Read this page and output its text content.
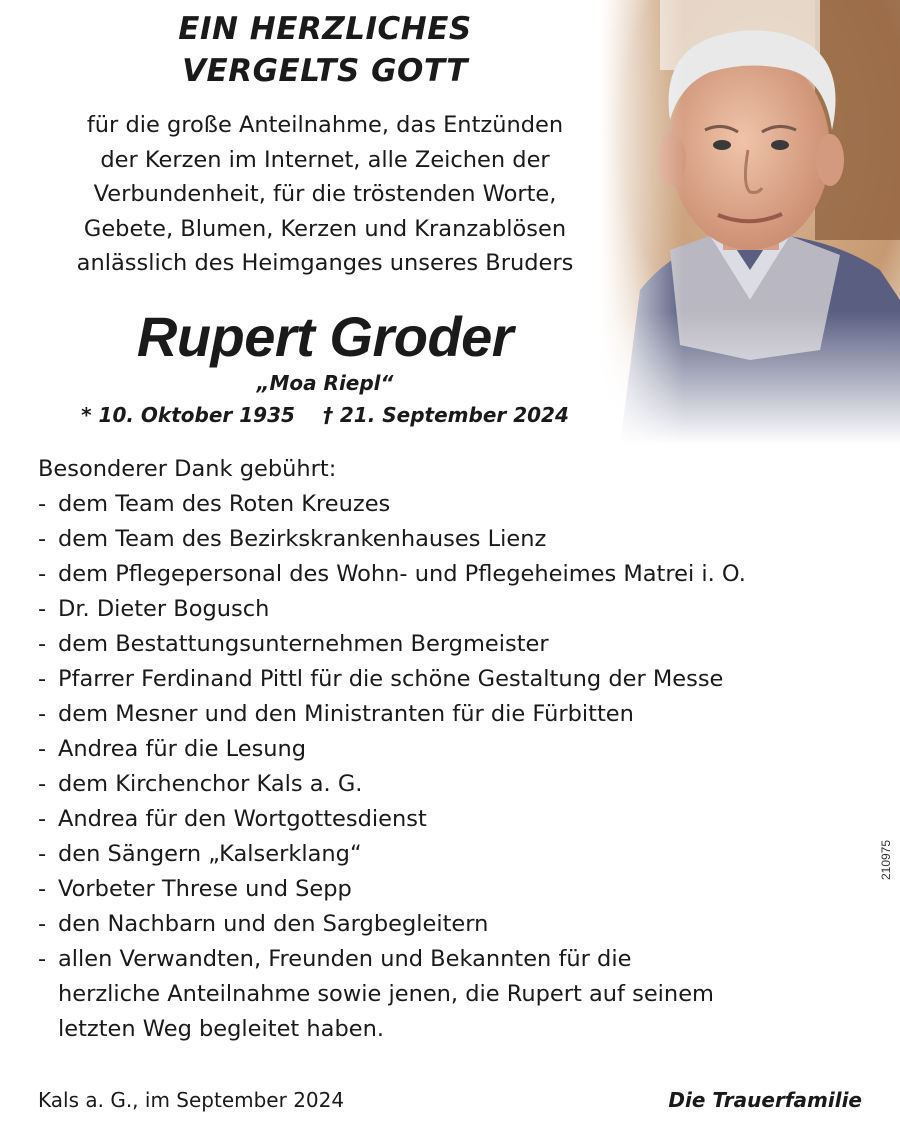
EIN HERZLICHES
VERGELTS GOTT
für die große Anteilnahme, das Entzünden
der Kerzen im Internet, alle Zeichen der
Verbundenheit, für die tröstenden Worte,
Gebete, Blumen, Kerzen und Kranzablösen
anlässlich des Heimganges unseres Bruders
Rupert Groder
„Moa Riepl“
* 10. Oktober 1935 † 21. September 2024
Besonderer Dank gebührt:
- dem Team des Roten Kreuzes
- dem Team des Bezirkskrankenhauses Lienz
- dem Pflegepersonal des Wohn- und Pflegeheimes Matrei i. O.
- Dr. Dieter Bogusch
- dem Bestattungsunternehmen Bergmeister
- Pfarrer Ferdinand Pittl für die schöne Gestaltung der Messe
- dem Mesner und den Ministranten für die Fürbitten
- Andrea für die Lesung
- dem Kirchenchor Kals a. G.
- Andrea für den Wortgottesdienst
- den Sängern „Kalserklang“
- Vorbeter Threse und Sepp
- den Nachbarn und den Sargbegleitern
- allen Verwandten, Freunden und Bekannten für die herzliche Anteilnahme sowie jenen, die Rupert auf seinem letzten Weg begleitet haben.
Kals a. G., im September 2024	Die Trauerfamilie
210975
